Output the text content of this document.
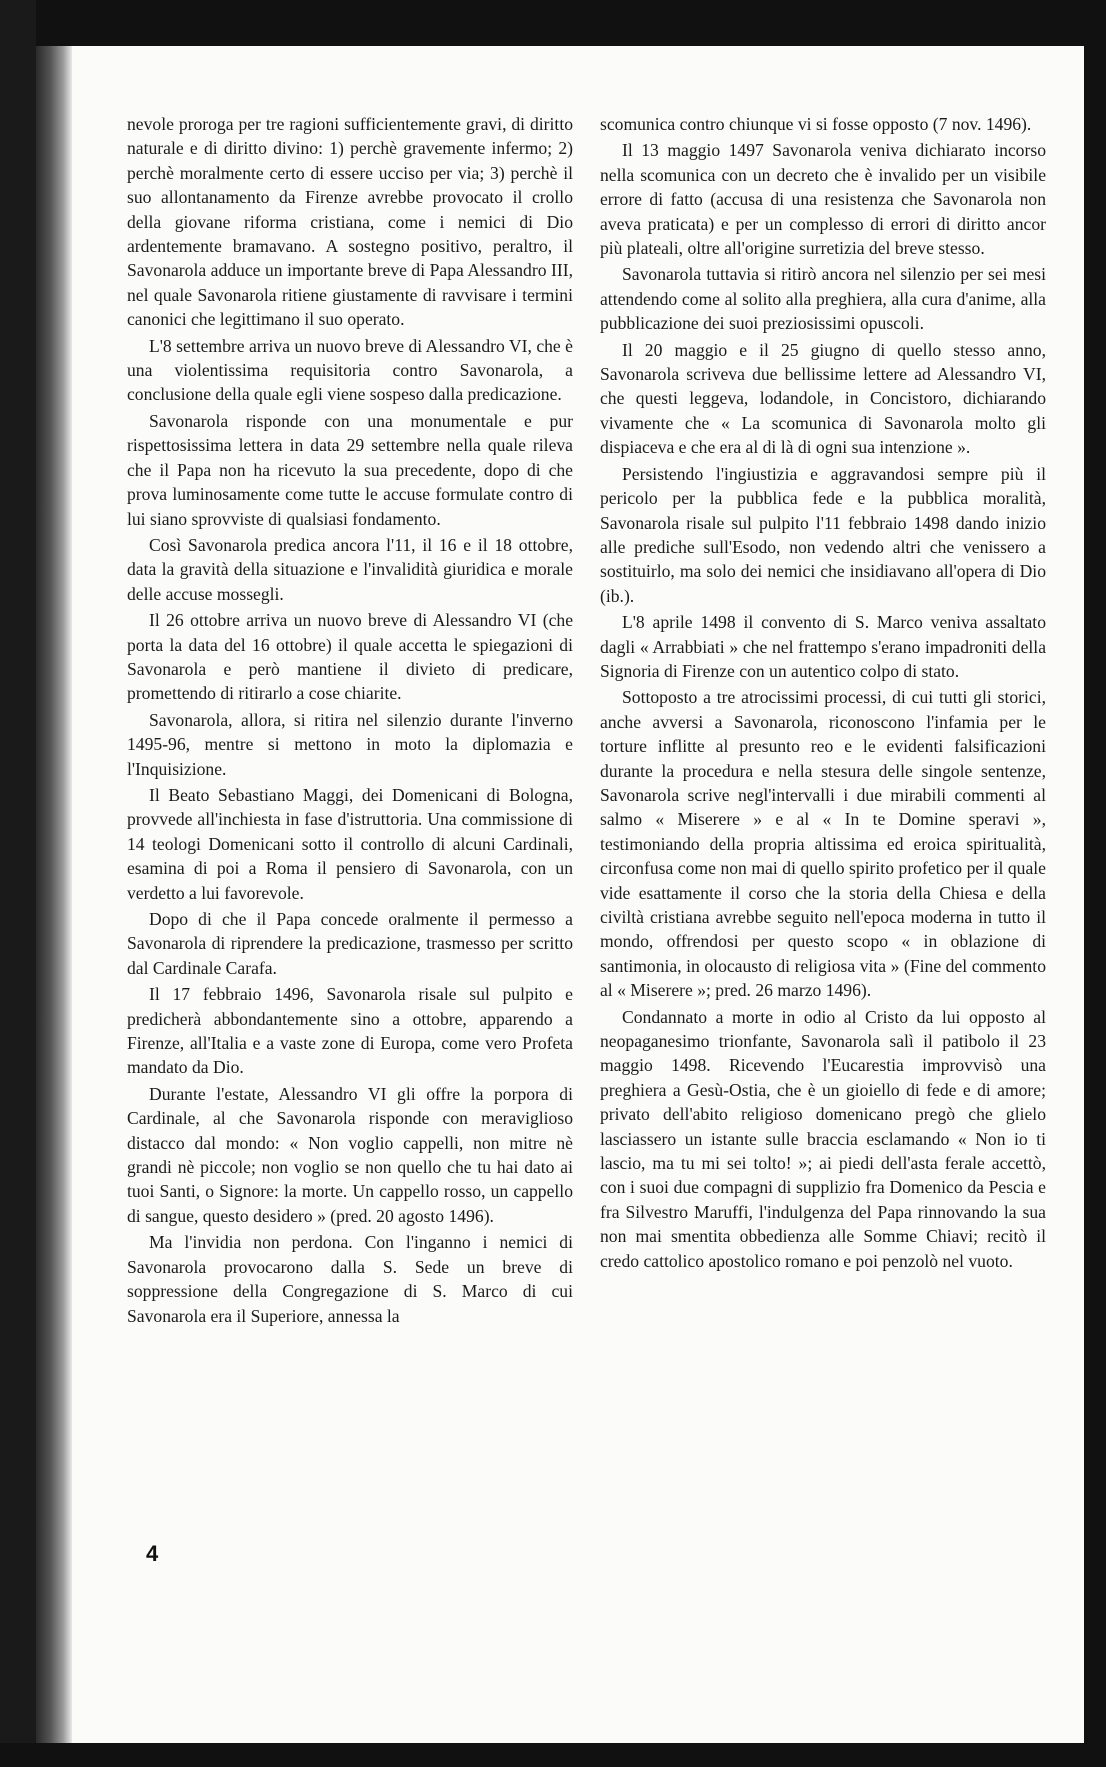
nevole proroga per tre ragioni sufficientemente gravi, di diritto naturale e di diritto divino: 1) perchè gravemente infermo; 2) perchè moralmente certo di essere ucciso per via; 3) perchè il suo allontanamento da Firenze avrebbe provocato il crollo della giovane riforma cristiana, come i nemici di Dio ardentemente bramavano. A sostegno positivo, peraltro, il Savonarola adduce un importante breve di Papa Alessandro III, nel quale Savonarola ritiene giustamente di ravvisare i termini canonici che legittimano il suo operato.

L'8 settembre arriva un nuovo breve di Alessandro VI, che è una violentissima requisitoria contro Savonarola, a conclusione della quale egli viene sospeso dalla predicazione.

Savonarola risponde con una monumentale e pur rispettosissima lettera in data 29 settembre nella quale rileva che il Papa non ha ricevuto la sua precedente, dopo di che prova luminosamente come tutte le accuse formulate contro di lui siano sprovviste di qualsiasi fondamento.

Così Savonarola predica ancora l'11, il 16 e il 18 ottobre, data la gravità della situazione e l'invalidità giuridica e morale delle accuse mossegli.

Il 26 ottobre arriva un nuovo breve di Alessandro VI (che porta la data del 16 ottobre) il quale accetta le spiegazioni di Savonarola e però mantiene il divieto di predicare, promettendo di ritirarlo a cose chiarite.

Savonarola, allora, si ritira nel silenzio durante l'inverno 1495-96, mentre si mettono in moto la diplomazia e l'Inquisizione.

Il Beato Sebastiano Maggi, dei Domenicani di Bologna, provvede all'inchiesta in fase d'istruttoria. Una commissione di 14 teologi Domenicani sotto il controllo di alcuni Cardinali, esamina di poi a Roma il pensiero di Savonarola, con un verdetto a lui favorevole.

Dopo di che il Papa concede oralmente il permesso a Savonarola di riprendere la predicazione, trasmesso per scritto dal Cardinale Carafa.

Il 17 febbraio 1496, Savonarola risale sul pulpito e predicherà abbondantemente sino a ottobre, apparendo a Firenze, all'Italia e a vaste zone di Europa, come vero Profeta mandato da Dio.

Durante l'estate, Alessandro VI gli offre la porpora di Cardinale, al che Savonarola risponde con meraviglioso distacco dal mondo: « Non voglio cappelli, non mitre nè grandi nè piccole; non voglio se non quello che tu hai dato ai tuoi Santi, o Signore: la morte. Un cappello rosso, un cappello di sangue, questo desidero » (pred. 20 agosto 1496).

Ma l'invidia non perdona. Con l'inganno i nemici di Savonarola provocarono dalla S. Sede un breve di soppressione della Congregazione di S. Marco di cui Savonarola era il Superiore, annessa la

scomunica contro chiunque vi si fosse opposto (7 nov. 1496).

Il 13 maggio 1497 Savonarola veniva dichiarato incorso nella scomunica con un decreto che è invalido per un visibile errore di fatto (accusa di una resistenza che Savonarola non aveva praticata) e per un complesso di errori di diritto ancor più plateali, oltre all'origine surretizia del breve stesso.

Savonarola tuttavia si ritirò ancora nel silenzio per sei mesi attendendo come al solito alla preghiera, alla cura d'anime, alla pubblicazione dei suoi preziosissimi opuscoli.

Il 20 maggio e il 25 giugno di quello stesso anno, Savonarola scriveva due bellissime lettere ad Alessandro VI, che questi leggeva, lodandole, in Concistoro, dichiarando vivamente che « La scomunica di Savonarola molto gli dispiaceva e che era al di là di ogni sua intenzione ».

Persistendo l'ingiustizia e aggravandosi sempre più il pericolo per la pubblica fede e la pubblica moralità, Savonarola risale sul pulpito l'11 febbraio 1498 dando inizio alle prediche sull'Esodo, non vedendo altri che venissero a sostituirlo, ma solo dei nemici che insidiavano all'opera di Dio (ib.).

L'8 aprile 1498 il convento di S. Marco veniva assaltato dagli « Arrabbiati » che nel frattempo s'erano impadroniti della Signoria di Firenze con un autentico colpo di stato.

Sottoposto a tre atrocissimi processi, di cui tutti gli storici, anche avversi a Savonarola, riconoscono l'infamia per le torture inflitte al presunto reo e le evidenti falsificazioni durante la procedura e nella stesura delle singole sentenze, Savonarola scrive negl'intervalli i due mirabili commenti al salmo « Miserere » e al « In te Domine speravi », testimoniando della propria altissima ed eroica spiritualità, circonfusa come non mai di quello spirito profetico per il quale vide esattamente il corso che la storia della Chiesa e della civiltà cristiana avrebbe seguito nell'epoca moderna in tutto il mondo, offrendosi per questo scopo « in oblazione di santimonia, in olocausto di religiosa vita » (Fine del commento al « Miserere »; pred. 26 marzo 1496).

Condannato a morte in odio al Cristo da lui oppostо al neopaganesimo trionfante, Savonarola salì il patibolo il 23 maggio 1498. Ricevendo l'Eucarestia improvvisò una preghiera a Gesù-Ostia, che è un gioiello di fede e di amore; privato dell'abito religioso domenicano pregò che glielo lasciassero un istante sulle braccia esclamando « Non io ti lascio, ma tu mi sei tolto! »; ai piedi dell'asta ferale accettò, con i suoi due compagni di supplizio fra Domenico da Pescia e fra Silvestro Maruffi, l'indulgenza del Papa rinnovando la sua non mai smentita obbedienza alle Somme Chiavi; recitò il credo cattolico apostolico romano e poi penzolò nel vuoto.

4
